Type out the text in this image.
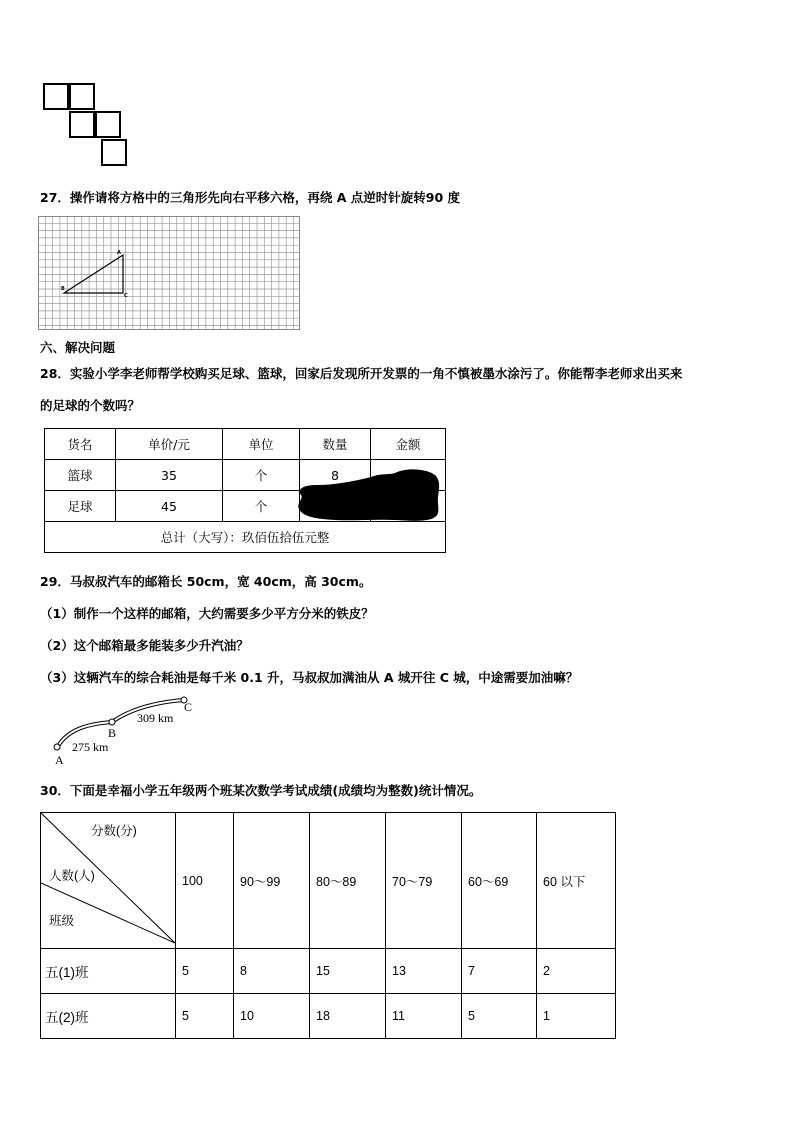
27．操作请将方格中的三角形先向右平移六格，再绕 A 点逆时针旋转90 度
A
B
C
六、解决问题
28．实验小学李老师帮学校购买足球、篮球，回家后发现所开发票的一角不慎被墨水涂污了。你能帮李老师求出买来
的足球的个数吗？
货名	单价/元	单位	数量	金额
篮球	35	个	8	
足球	45	个		
总计（大写）：玖佰伍拾伍元整				
29．马叔叔汽车的邮箱长 50cm，宽 40cm，高 30cm。
（1）制作一个这样的邮箱，大约需要多少平方分米的铁皮？
（2）这个邮箱最多能装多少升汽油？
（3）这辆汽车的综合耗油是每千米 0.1 升，马叔叔加满油从 A 城开往 C 城，中途需要加油嘛？
A
B
C
275 km
309 km
30．下面是幸福小学五年级两个班某次数学考试成绩(成绩均为整数)统计情况。
分数(分)
人数(人)
班级	100	90～99	80～89	70～79	60～69	60 以下
五(1)班	5	8	15	13	7	2
五(2)班	5	10	18	11	5	1
